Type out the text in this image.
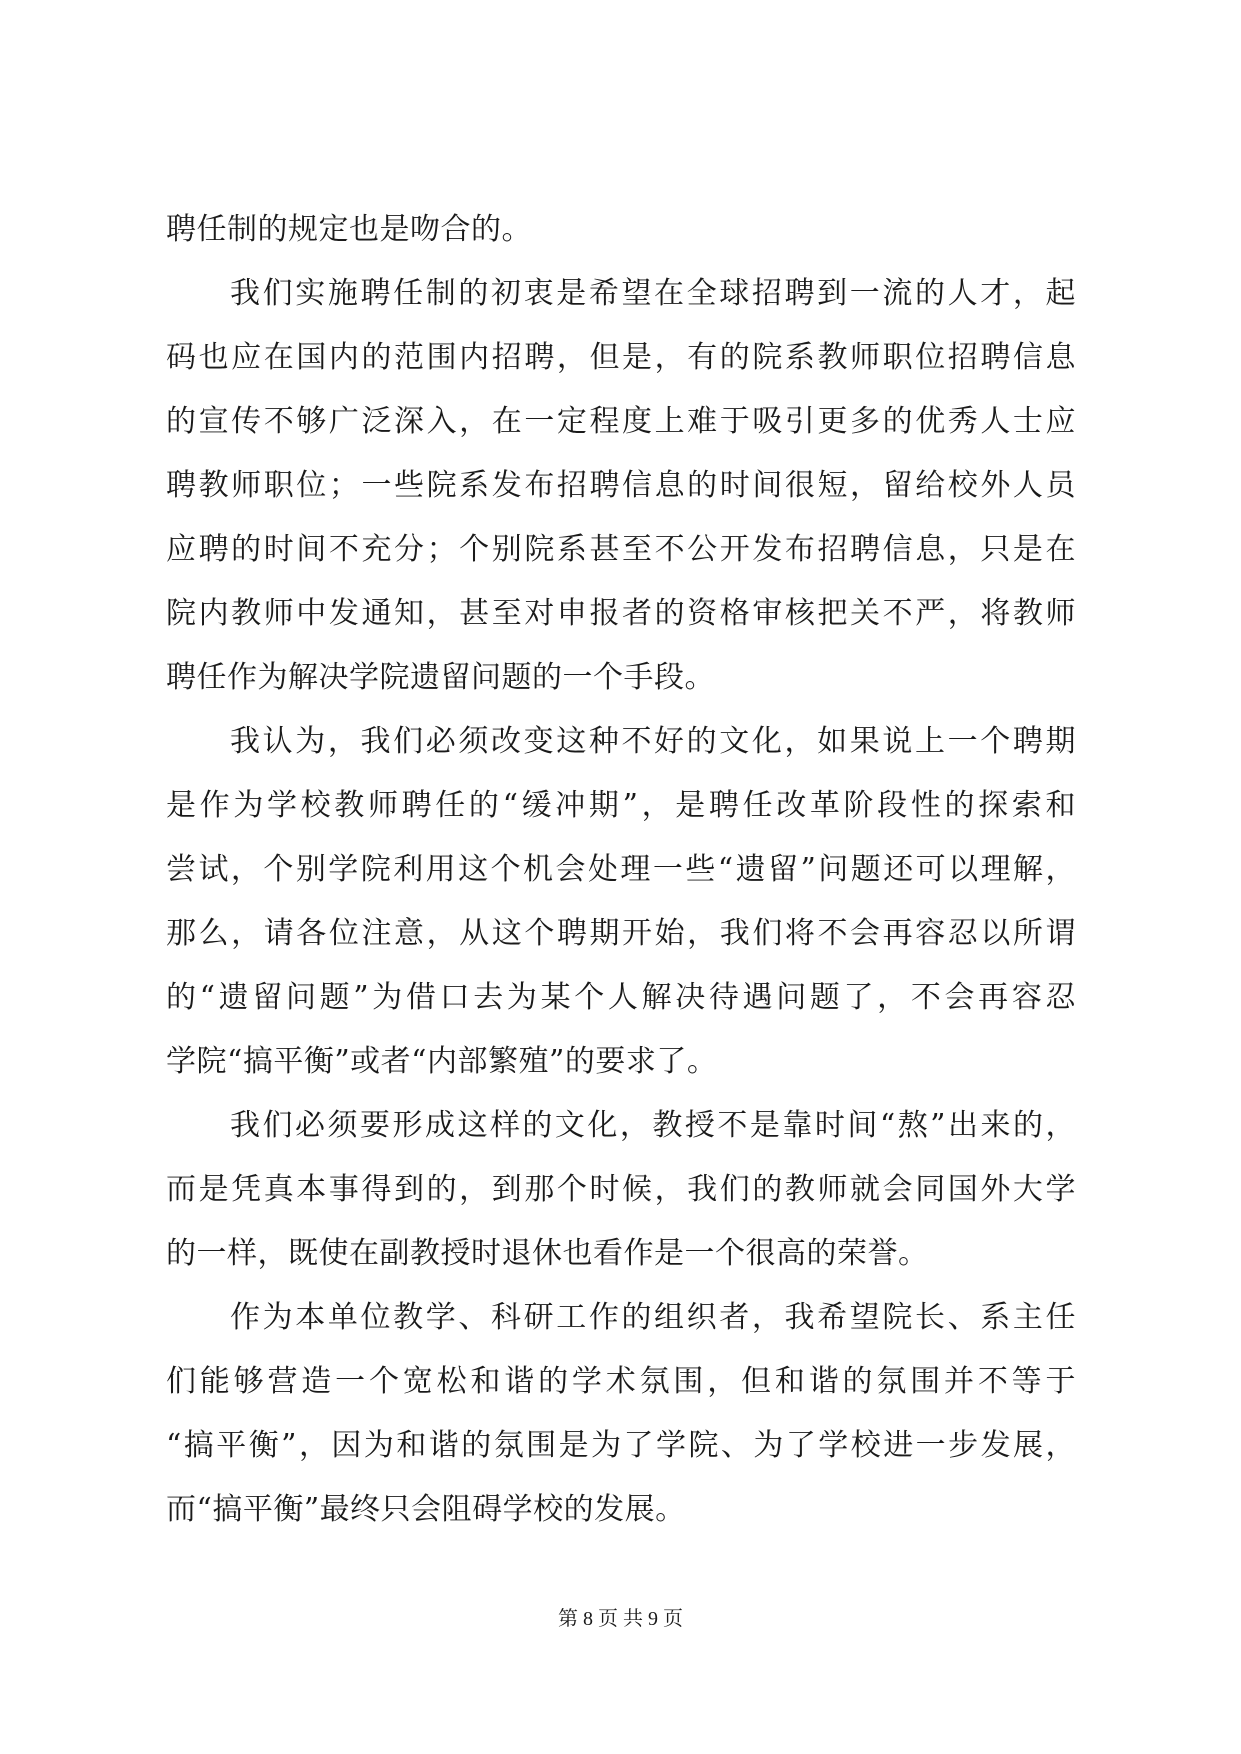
聘任制的规定也是吻合的。
我们实施聘任制的初衷是希望在全球招聘到一流的人才，起
码也应在国内的范围内招聘，但是，有的院系教师职位招聘信息
的宣传不够广泛深入，在一定程度上难于吸引更多的优秀人士应
聘教师职位；一些院系发布招聘信息的时间很短，留给校外人员
应聘的时间不充分；个别院系甚至不公开发布招聘信息，只是在
院内教师中发通知，甚至对申报者的资格审核把关不严，将教师
聘任作为解决学院遗留问题的一个手段。
我认为，我们必须改变这种不好的文化，如果说上一个聘期
是作为学校教师聘任的“缓冲期”，是聘任改革阶段性的探索和
尝试，个别学院利用这个机会处理一些“遗留”问题还可以理解，
那么，请各位注意，从这个聘期开始，我们将不会再容忍以所谓
的“遗留问题”为借口去为某个人解决待遇问题了，不会再容忍
学院“搞平衡”或者“内部繁殖”的要求了。
我们必须要形成这样的文化，教授不是靠时间“熬”出来的，
而是凭真本事得到的，到那个时候，我们的教师就会同国外大学
的一样，既使在副教授时退休也看作是一个很高的荣誉。
作为本单位教学、科研工作的组织者，我希望院长、系主任
们能够营造一个宽松和谐的学术氛围，但和谐的氛围并不等于
“搞平衡”，因为和谐的氛围是为了学院、为了学校进一步发展，
而“搞平衡”最终只会阻碍学校的发展。
第 8 页 共 9 页
